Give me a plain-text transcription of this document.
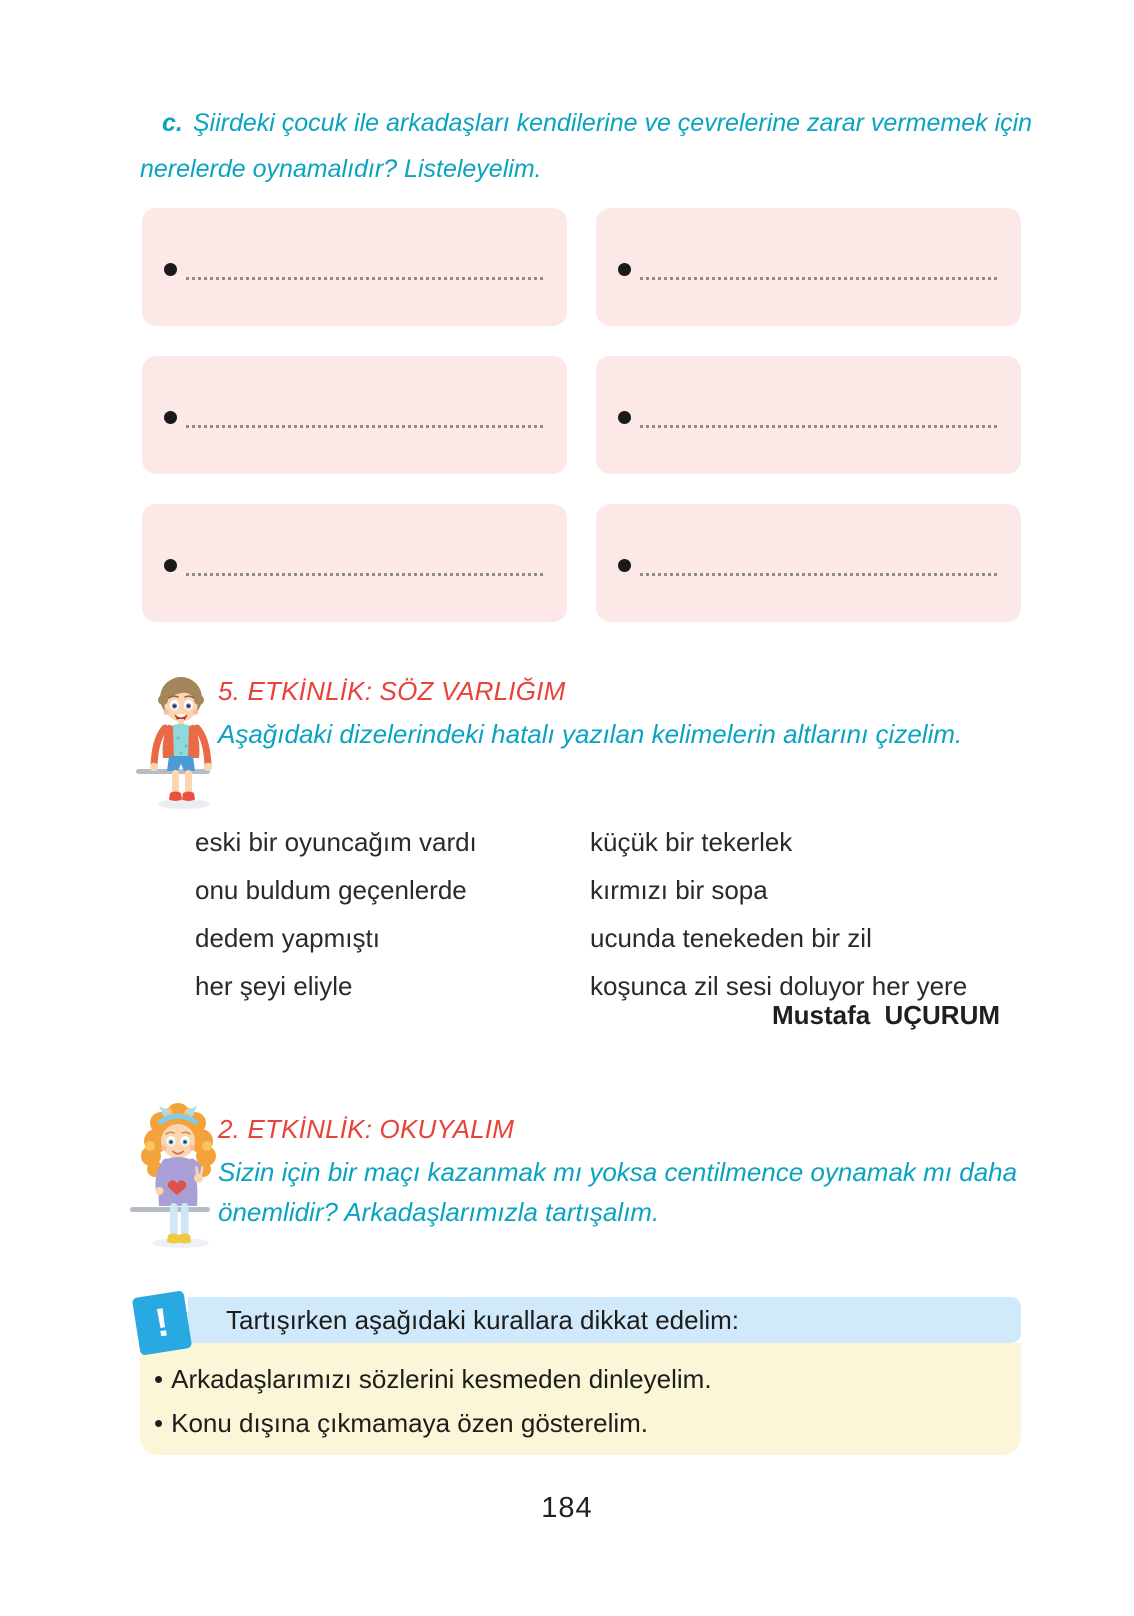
c. Şiirdeki çocuk ile arkadaşları kendilerine ve çevrelerine zarar vermemek için nerelerde oynamalıdır? Listeleyelim.
5. ETKİNLİK: SÖZ VARLIĞIM
Aşağıdaki dizelerindeki hatalı yazılan kelimelerin altlarını çizelim.
eski bir oyuncağım vardı
onu buldum geçenlerde
dedem yapmıştı
her şeyi eliyle
küçük bir tekerlek
kırmızı bir sopa
ucunda tenekeden bir zil
koşunca zil sesi doluyor her yere
Mustafa UÇURUM
2. ETKİNLİK: OKUYALIM
Sizin için bir maçı kazanmak mı yoksa centilmence oynamak mı daha önemlidir? Arkadaşlarımızla tartışalım.
Tartışırken aşağıdaki kurallara dikkat edelim:
• Arkadaşlarımızı sözlerini kesmeden dinleyelim.
• Konu dışına çıkmamaya özen gösterelim.
!
184
